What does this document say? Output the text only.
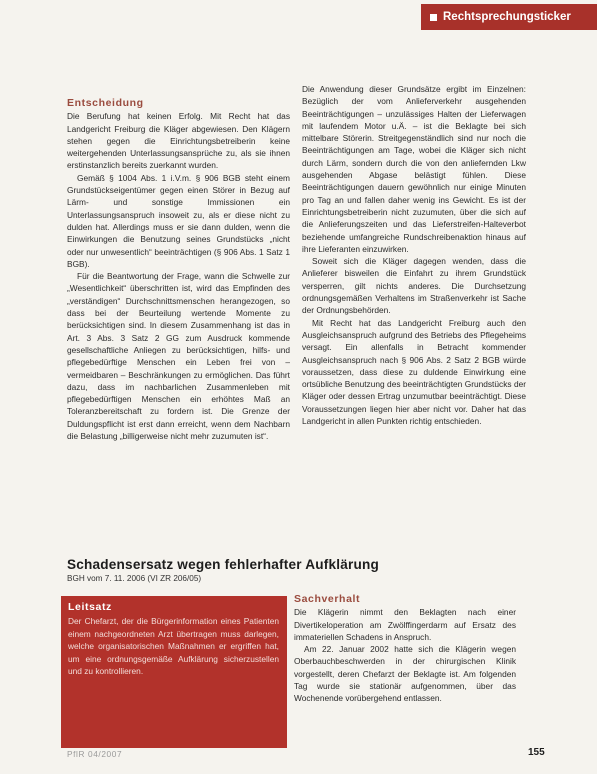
Rechtsprechungsticker
Entscheidung

Die Berufung hat keinen Erfolg. Mit Recht hat das Landgericht Freiburg die Kläger abgewiesen. Den Klägern stehen gegen die Einrichtungsbetreiberin keine weitergehenden Unterlassungsansprüche zu, als sie ihnen erstinstanzlich bereits zuerkannt wurden.

Gemäß § 1004 Abs. 1 i.V.m. § 906 BGB steht einem Grundstückseigentümer gegen einen Störer in Bezug auf Lärm- und sonstige Immissionen ein Unterlassungsanspruch insoweit zu, als er diese nicht zu dulden hat. Allerdings muss er sie dann dulden, wenn die Einwirkungen die Benutzung seines Grundstücks „nicht oder nur unwesentlich“ beeinträchtigen (§ 906 Abs. 1 Satz 1 BGB).

Für die Beantwortung der Frage, wann die Schwelle zur „Wesentlichkeit“ überschritten ist, wird das Empfinden des „verständigen“ Durchschnittsmenschen herangezogen, so dass bei der Beurteilung wertende Momente zu berücksichtigen sind. In diesem Zusammenhang ist das in Art. 3 Abs. 3 Satz 2 GG zum Ausdruck kommende gesellschaftliche Anliegen zu berücksichtigen, hilfs- und pflegebedürftige Menschen ein Leben frei von – vermeidbaren – Beschränkungen zu ermöglichen. Das führt dazu, dass im nachbarlichen Zusammenleben mit pflegebedürftigen Menschen ein erhöhtes Maß an Toleranzbereitschaft zu fordern ist. Die Grenze der Duldungspflicht ist erst dann erreicht, wenn dem Nachbarn die Belastung „billigerweise nicht mehr zuzumuten ist“.

Die Anwendung dieser Grundsätze ergibt im Einzelnen: Bezüglich der vom Anlieferverkehr ausgehenden Beeinträchtigungen – unzulässiges Halten der Lieferwagen mit laufendem Motor u.Ä. – ist die Beklagte bei sich mittelbare Störerin. Streitgegenständlich sind nur noch die Beeinträchtigungen am Tage, wobei die Kläger sich nicht durch Lärm, sondern durch die von den anliefernden Lkw ausgehenden Abgase belästigt fühlen. Diese Beeinträchtigungen dauern gewöhnlich nur einige Minuten pro Tag an und fallen daher wenig ins Gewicht. Es ist der Einrichtungsbetreiberin nicht zuzumuten, über die sich auf die Anlieferungszeiten und das Lieferstreifen-Halteverbot beziehende umfangreiche Rundschreibenaktion hinaus auf ihre Lieferanten einzuwirken.

Soweit sich die Kläger dagegen wenden, dass die Anlieferer bisweilen die Einfahrt zu ihrem Grundstück versperren, gilt nichts anderes. Die Durchsetzung ordnungsgemäßen Verhaltens im Straßenverkehr ist Sache der Ordnungsbehörden.

Mit Recht hat das Landgericht Freiburg auch den Ausgleichsanspruch aufgrund des Betriebs des Pflegeheims versagt. Ein allenfalls in Betracht kommender Ausgleichsanspruch nach § 906 Abs. 2 Satz 2 BGB würde voraussetzen, dass diese zu duldende Einwirkung eine ortsübliche Benutzung des beeinträchtigten Grundstücks der Kläger oder dessen Ertrag unzumutbar beeinträchtigt. Diese Voraussetzungen liegen hier aber nicht vor. Daher hat das Landgericht in allen Punkten richtig entschieden.

Schadensersatz wegen fehlerhafter Aufklärung
BGH vom 7. 11. 2006 (VI ZR 206/05)
Leitsatz
Der Chefarzt, der die Bürgerinformation eines Patienten einem nachgeordneten Arzt übertragen muss darlegen, welche organisatorischen Maßnahmen er ergriffen hat, um eine ordnungsgemäße Aufklärung sicherzustellen und zu kontrollieren.
Sachverhalt

Die Klägerin nimmt den Beklagten nach einer Divertikeloperation am Zwölffingerdarm auf Ersatz des immateriellen Schadens in Anspruch.

Am 22. Januar 2002 hatte sich die Klägerin wegen Oberbauchbeschwerden in der chirurgischen Klinik vorgestellt, deren Chefarzt der Beklagte ist. Am folgenden Tag wurde sie stationär aufgenommen, über das Wochenende vorübergehend entlassen.

PflR 04/2007	155
